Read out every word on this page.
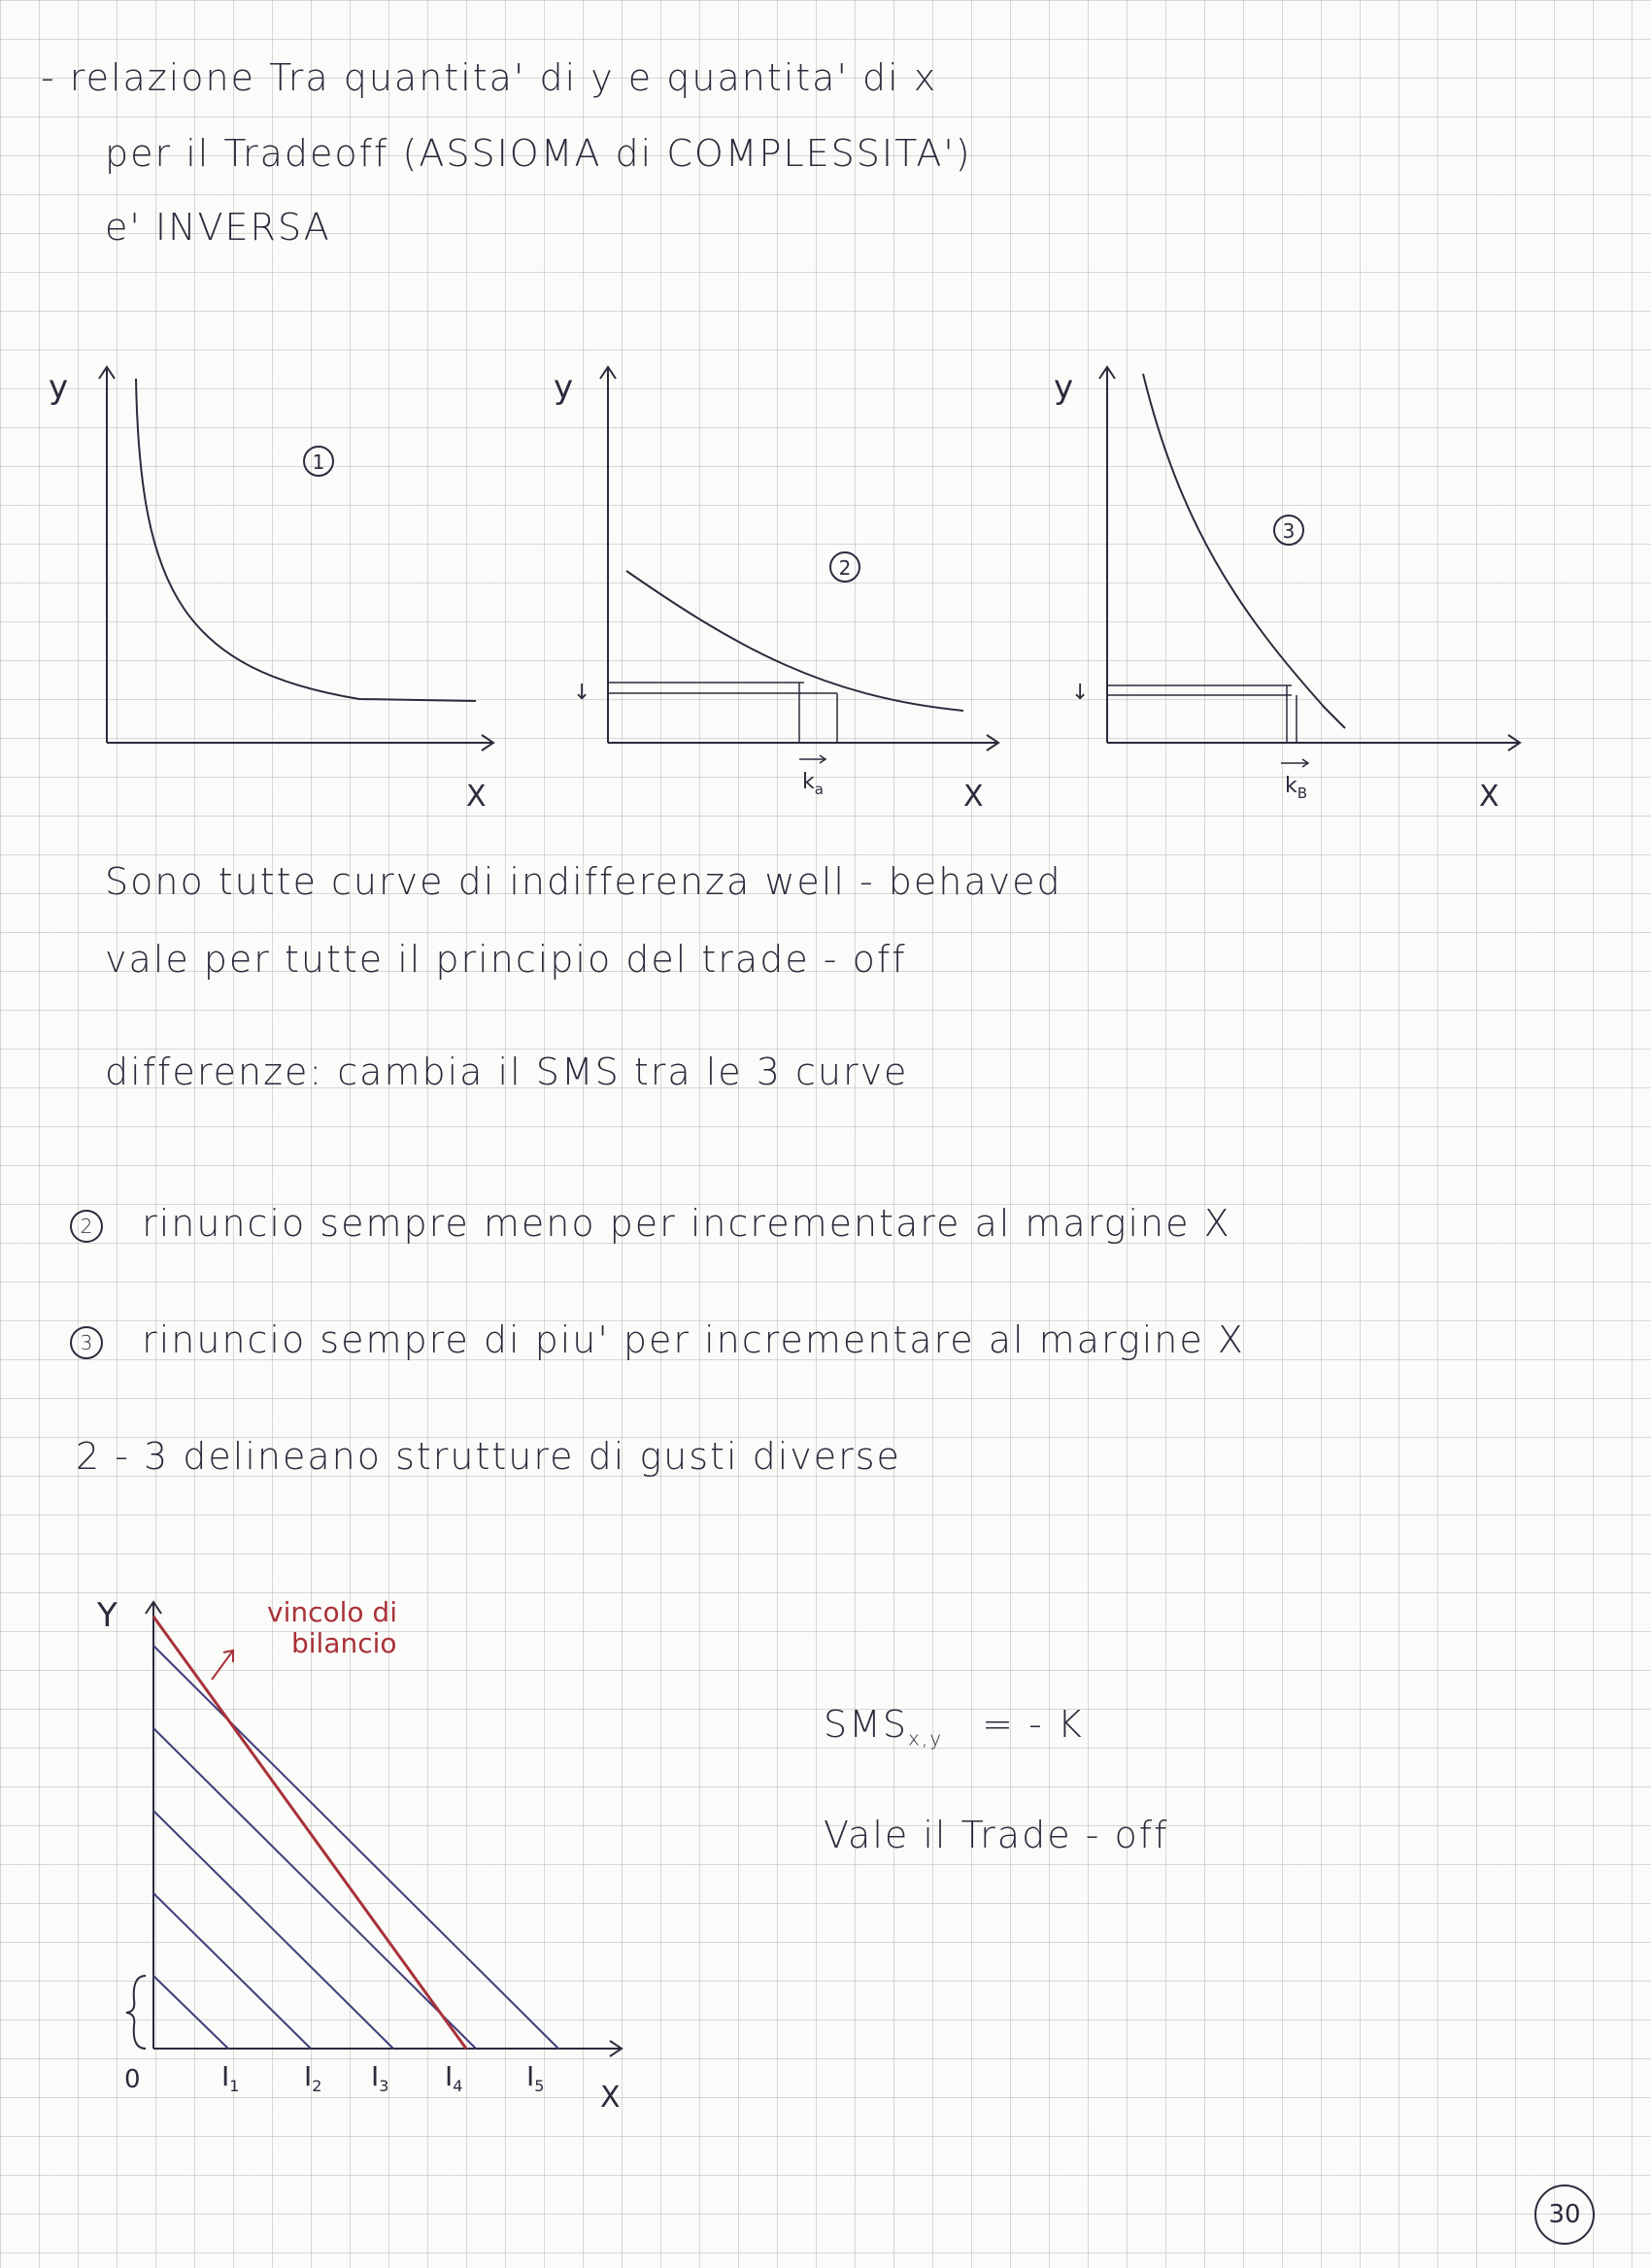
- relazione Tra quantita' di y e quantita' di x
per il Tradeoff (ASSIOMA di COMPLESSITA')
e' INVERSA
y
X
1
↓
y
X
2
$k_a$
↓
y
X
3
$k_B$
Sono tutte curve di indifferenza well - behaved
vale per tutte il principio del trade - off
differenze: cambia il SMS tra le 3 curve
2 rinuncio sempre meno per incrementare al margine X
3 rinuncio sempre di piu' per incrementare al margine X
2 - 3 delineano strutture di gusti diverse
vincolo di
bilancio
Y
X
0	$I_1$ $I_2$ $I_3$ $I_4$ $I_5$
$SMS_{x,y}$ = - K
Vale il Trade - off
30
